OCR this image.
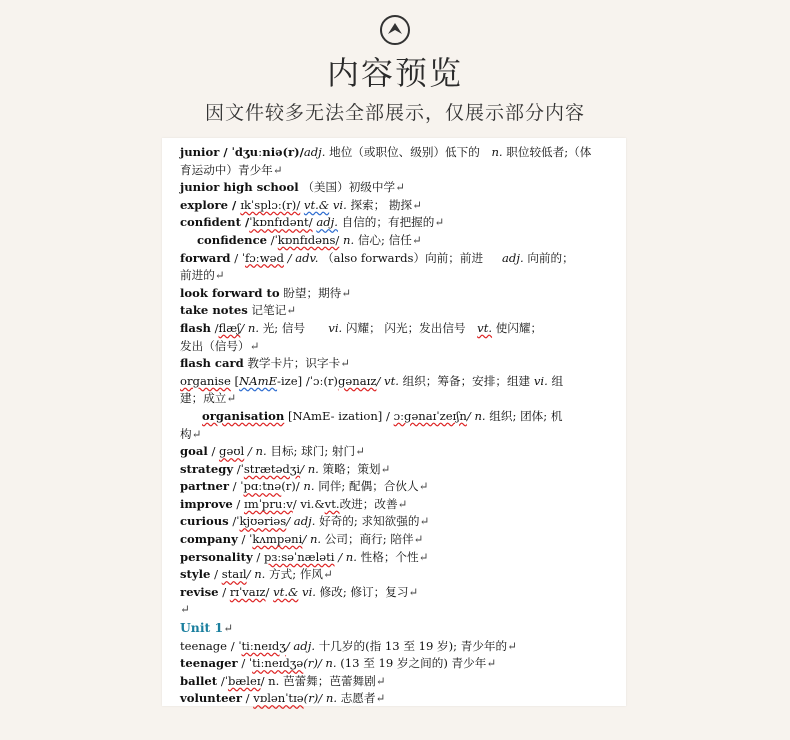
内容预览
因文件较多无法全部展示，仅展示部分内容
junior / ˈdʒuːniə(r)/adj. 地位（或职位、级别）低下的　n. 职位较低者;（体
育运动中）青少年↵
junior high school （美国）初级中学↵
explore / ɪkˈsplɔː(r)/ vt.& vi. 探索； 勘探↵
confident /ˈkɒnfɪdənt/ adj. 自信的；有把握的↵
confidence /ˈkɒnfɪdəns/ n. 信心; 信任↵
forward / ˈfɔːwəd / adv. （also forwards）向前；前进 　 adj. 向前的；
前进的↵
look forward to 盼望；期待↵
take notes 记笔记↵
flash /flæʃ/ n. 光; 信号　　vi. 闪耀； 闪光；发出信号　vt. 使闪耀；
发出（信号）↵
flash card 教学卡片；识字卡↵
organise [NAmE-ize] /ˈɔː(r)gənaɪz/ vt. 组织；筹备；安排；组建 vi. 组
建；成立↵
organisation [NAmE- ization] / ɔːgənaɪˈzeɪʃn/ n. 组织; 团体; 机
构↵
goal / gəʊl / n. 目标; 球门; 射门↵
strategy /ˈstrætədʒi/ n. 策略；策划↵
partner / ˈpɑːtnə(r)/ n. 同伴; 配偶；合伙人↵
improve / ɪmˈpruːv/ vi.&vt.改进；改善↵
curious /ˈkjʊəriəs/ adj. 好奇的; 求知欲强的↵
company / ˈkʌmpəni/ n. 公司；商行; 陪伴↵
personality / pɜːsəˈnæləti / n. 性格；个性↵
style / staɪl/ n. 方式; 作风↵
revise / rɪˈvaɪz/ vt.& vi. 修改; 修订；复习↵
↵
Unit 1↵
teenage / ˈtiːneɪdʒ/ adj. 十几岁的(指 13 至 19 岁); 青少年的↵
teenager / ˈtiːneɪdʒə(r)/ n. (13 至 19 岁之间的) 青少年↵
ballet /ˈbæleɪ/ n. 芭蕾舞；芭蕾舞剧↵
volunteer / vɒlənˈtɪə(r)/ n. 志愿者↵
